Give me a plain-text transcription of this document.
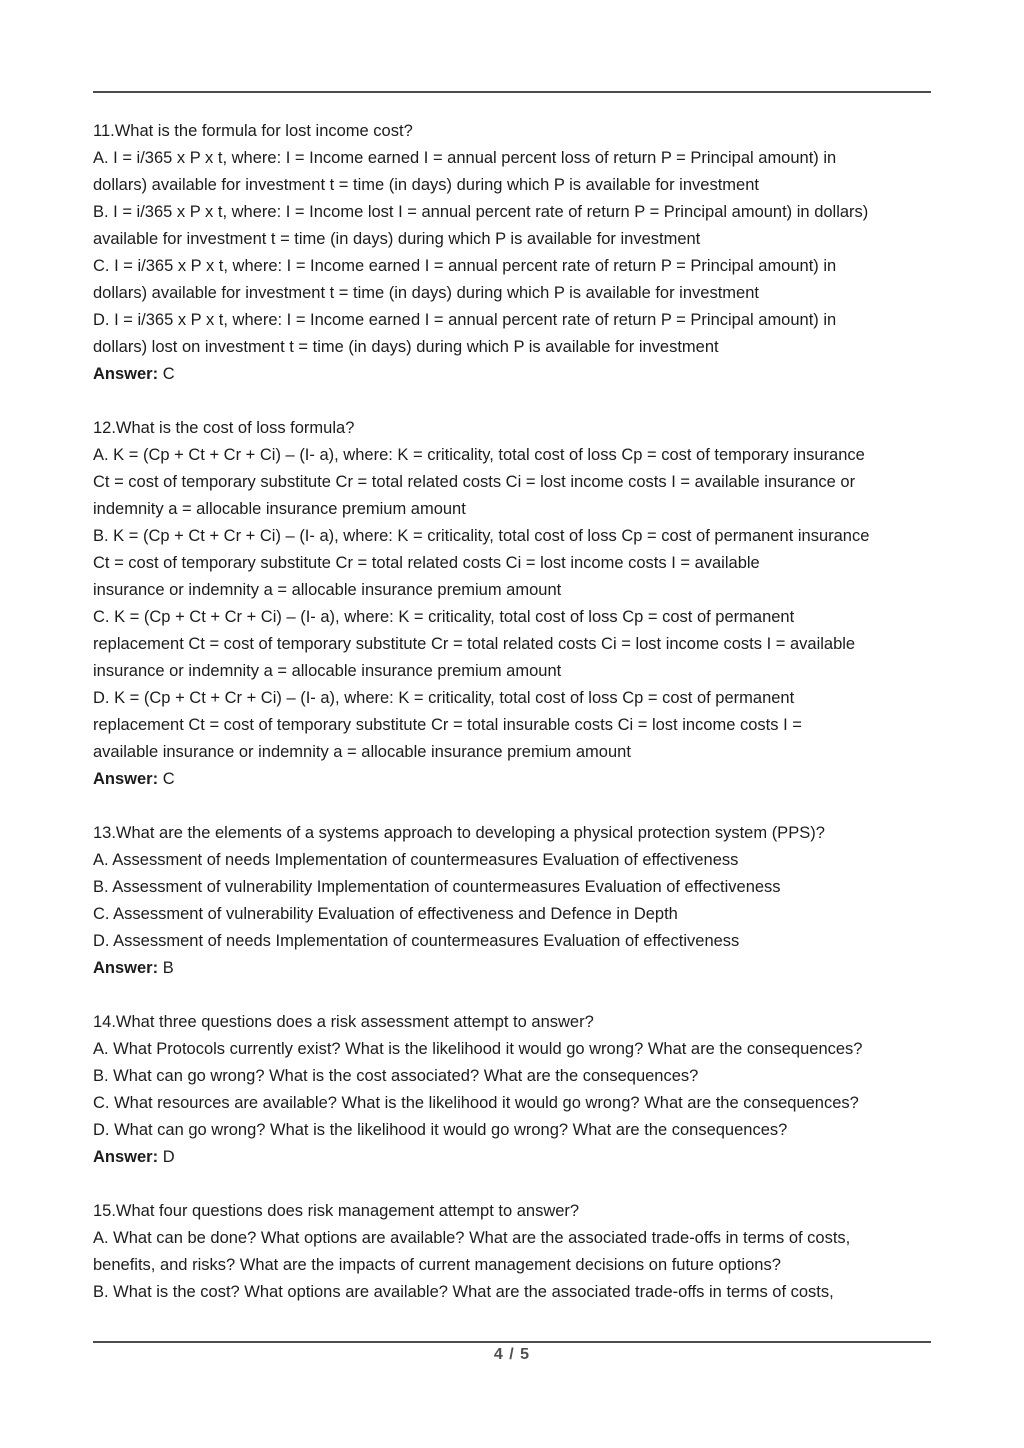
11.What is the formula for lost income cost?
A. I = i/365 x P x t, where: I = Income earned I = annual percent loss of return P = Principal amount) in
dollars) available for investment t = time (in days) during which P is available for investment
B. I = i/365 x P x t, where: I = Income lost I = annual percent rate of return P = Principal amount) in dollars)
available for investment t = time (in days) during which P is available for investment
C. I = i/365 x P x t, where: I = Income earned I = annual percent rate of return P = Principal amount) in
dollars) available for investment t = time (in days) during which P is available for investment
D. I = i/365 x P x t, where: I = Income earned I = annual percent rate of return P = Principal amount) in
dollars) lost on investment t = time (in days) during which P is available for investment
Answer: C
12.What is the cost of loss formula?
A. K = (Cp + Ct + Cr + Ci) – (I- a), where: K = criticality, total cost of loss Cp = cost of temporary insurance
Ct = cost of temporary substitute Cr = total related costs Ci = lost income costs I = available insurance or
indemnity a = allocable insurance premium amount
B. K = (Cp + Ct + Cr + Ci) – (I- a), where: K = criticality, total cost of loss Cp = cost of permanent insurance
Ct = cost of temporary substitute Cr = total related costs Ci = lost income costs I = available
insurance or indemnity a = allocable insurance premium amount
C. K = (Cp + Ct + Cr + Ci) – (I- a), where: K = criticality, total cost of loss Cp = cost of permanent
replacement Ct = cost of temporary substitute Cr = total related costs Ci = lost income costs I = available
insurance or indemnity a = allocable insurance premium amount
D. K = (Cp + Ct + Cr + Ci) – (I- a), where: K = criticality, total cost of loss Cp = cost of permanent
replacement Ct = cost of temporary substitute Cr = total insurable costs Ci = lost income costs I =
available insurance or indemnity a = allocable insurance premium amount
Answer: C
13.What are the elements of a systems approach to developing a physical protection system (PPS)?
A. Assessment of needs Implementation of countermeasures Evaluation of effectiveness
B. Assessment of vulnerability Implementation of countermeasures Evaluation of effectiveness
C. Assessment of vulnerability Evaluation of effectiveness and Defence in Depth
D. Assessment of needs Implementation of countermeasures Evaluation of effectiveness
Answer: B
14.What three questions does a risk assessment attempt to answer?
A. What Protocols currently exist? What is the likelihood it would go wrong? What are the consequences?
B. What can go wrong? What is the cost associated? What are the consequences?
C. What resources are available? What is the likelihood it would go wrong? What are the consequences?
D. What can go wrong? What is the likelihood it would go wrong? What are the consequences?
Answer: D
15.What four questions does risk management attempt to answer?
A. What can be done? What options are available? What are the associated trade-offs in terms of costs,
benefits, and risks? What are the impacts of current management decisions on future options?
B. What is the cost? What options are available? What are the associated trade-offs in terms of costs,
4 / 5
